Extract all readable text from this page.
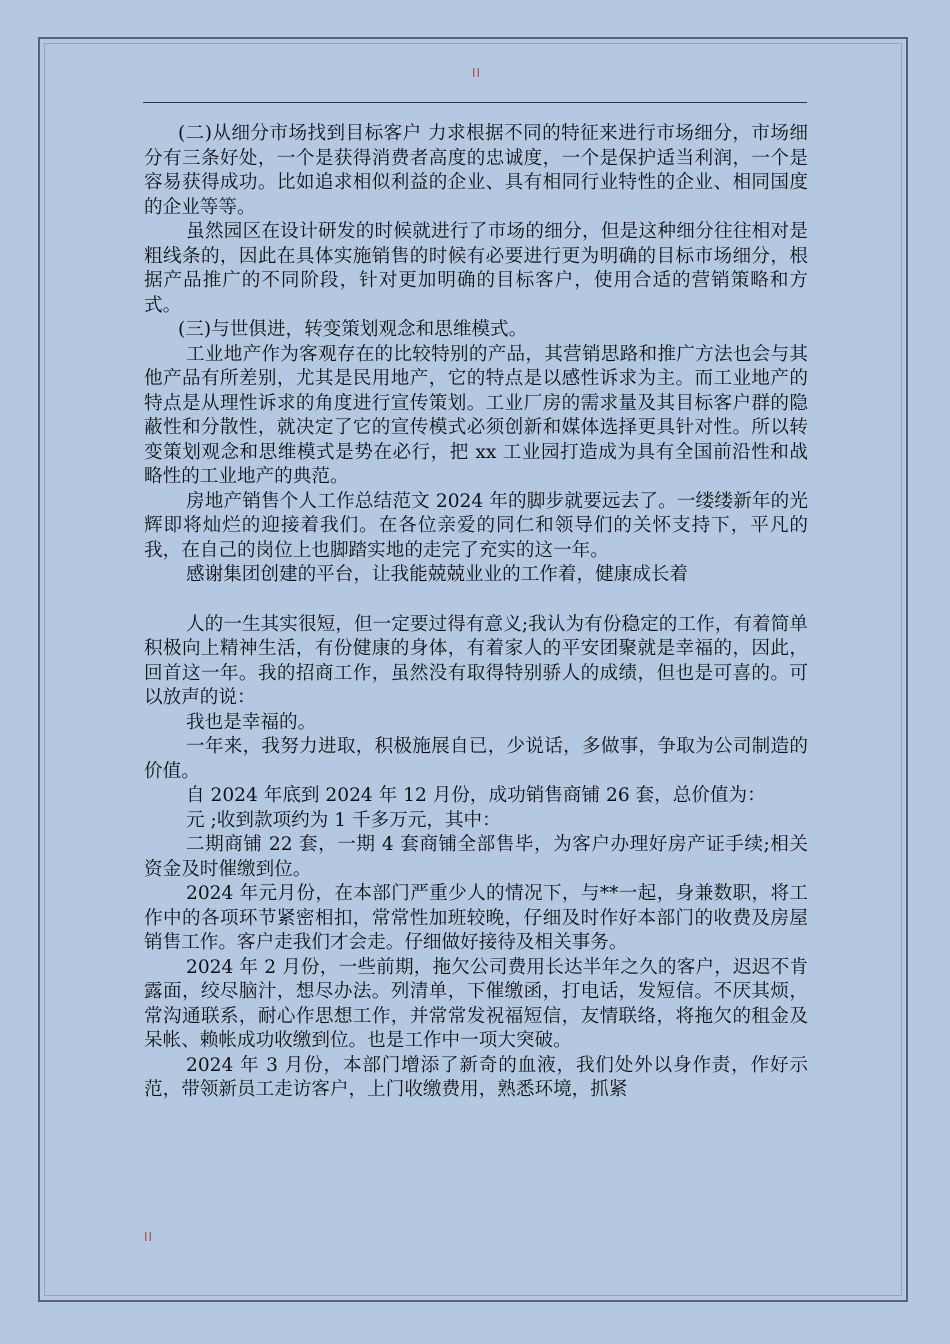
II

(二)从细分市场找到目标客户 力求根据不同的特征来进行市场细分，市场细分有三条好处，一个是获得消费者高度的忠诚度，一个是保护适当利润，一个是容易获得成功。比如追求相似利益的企业、具有相同行业特性的企业、相同国度的企业等等。

虽然园区在设计研发的时候就进行了市场的细分，但是这种细分往往相对是粗线条的，因此在具体实施销售的时候有必要进行更为明确的目标市场细分，根据产品推广的不同阶段，针对更加明确的目标客户，使用合适的营销策略和方式。

(三)与世俱进，转变策划观念和思维模式。

工业地产作为客观存在的比较特别的产品，其营销思路和推广方法也会与其他产品有所差别，尤其是民用地产，它的特点是以感性诉求为主。而工业地产的特点是从理性诉求的角度进行宣传策划。工业厂房的需求量及其目标客户群的隐蔽性和分散性，就决定了它的宣传模式必须创新和媒体选择更具针对性。所以转变策划观念和思维模式是势在必行，把 xx 工业园打造成为具有全国前沿性和战略性的工业地产的典范。

房地产销售个人工作总结范文 2024 年的脚步就要远去了。一缕缕新年的光辉即将灿烂的迎接着我们。在各位亲爱的同仁和领导们的关怀支持下，平凡的我，在自己的岗位上也脚踏实地的走完了充实的这一年。

感谢集团创建的平台，让我能兢兢业业的工作着，健康成长着

人的一生其实很短，但一定要过得有意义;我认为有份稳定的工作，有着简单积极向上精神生活，有份健康的身体，有着家人的平安团聚就是幸福的，因此，回首这一年。我的招商工作，虽然没有取得特别骄人的成绩，但也是可喜的。可以放声的说：

我也是幸福的。

一年来，我努力进取，积极施展自已，少说话，多做事，争取为公司制造的价值。

自 2024 年底到 2024 年 12 月份，成功销售商铺 26 套，总价值为：

元 ;收到款项约为 1 千多万元，其中：

二期商铺 22 套，一期 4 套商铺全部售毕，为客户办理好房产证手续;相关资金及时催缴到位。

2024 年元月份，在本部门严重少人的情况下，与**一起，身兼数职，将工作中的各项环节紧密相扣，常常性加班较晚，仔细及时作好本部门的收费及房屋销售工作。客户走我们才会走。仔细做好接待及相关事务。

2024 年 2 月份，一些前期，拖欠公司费用长达半年之久的客户，迟迟不肯露面，绞尽脑汁，想尽办法。列清单，下催缴函，打电话，发短信。不厌其烦，常沟通联系，耐心作思想工作，并常常发祝福短信，友情联络，将拖欠的租金及呆帐、赖帐成功收缴到位。也是工作中一项大突破。

2024 年 3 月份，本部门增添了新奇的血液，我们处外以身作责，作好示范，带领新员工走访客户，上门收缴费用，熟悉环境，抓紧

II
